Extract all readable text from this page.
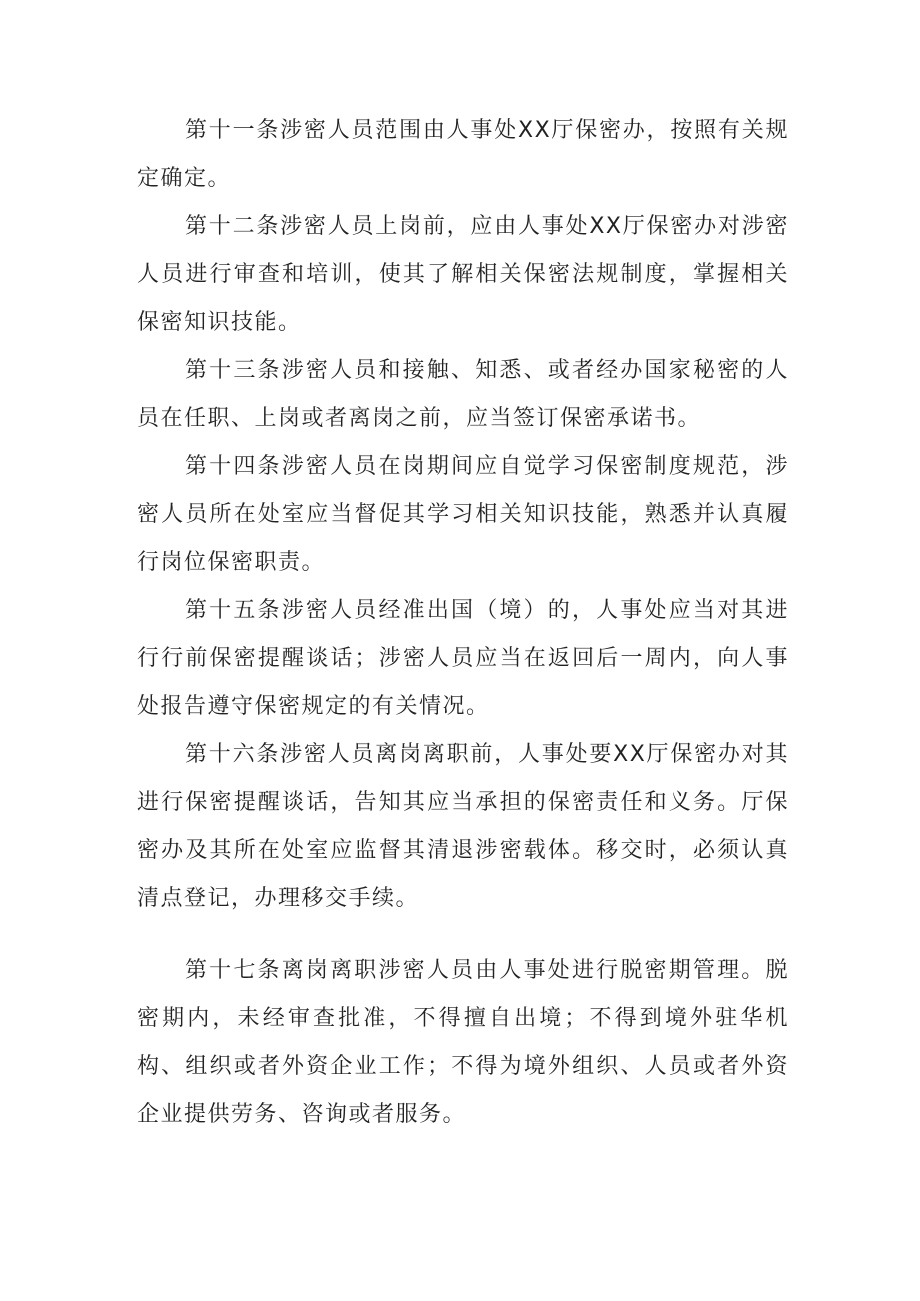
第十一条涉密人员范围由人事处XX厅保密办，按照有关规定确定。

第十二条涉密人员上岗前，应由人事处XX厅保密办对涉密人员进行审查和培训，使其了解相关保密法规制度，掌握相关保密知识技能。

第十三条涉密人员和接触、知悉、或者经办国家秘密的人员在任职、上岗或者离岗之前，应当签订保密承诺书。

第十四条涉密人员在岗期间应自觉学习保密制度规范，涉密人员所在处室应当督促其学习相关知识技能，熟悉并认真履行岗位保密职责。

第十五条涉密人员经准出国（境）的，人事处应当对其进行行前保密提醒谈话；涉密人员应当在返回后一周内，向人事处报告遵守保密规定的有关情况。

第十六条涉密人员离岗离职前，人事处要XX厅保密办对其进行保密提醒谈话，告知其应当承担的保密责任和义务。厅保密办及其所在处室应监督其清退涉密载体。移交时，必须认真清点登记，办理移交手续。

第十七条离岗离职涉密人员由人事处进行脱密期管理。脱密期内，未经审查批准，不得擅自出境；不得到境外驻华机构、组织或者外资企业工作；不得为境外组织、人员或者外资企业提供劳务、咨询或者服务。
